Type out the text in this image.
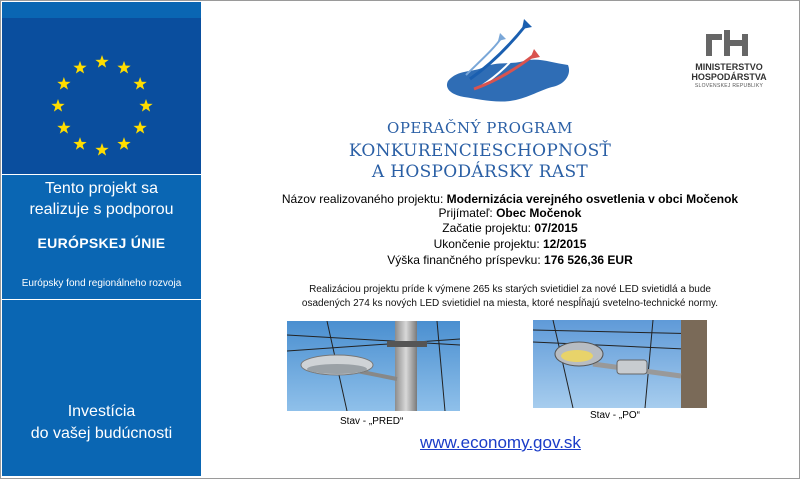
Tento projekt sa
realizuje s podporou
EURÓPSKEJ ÚNIE
Európsky fond regionálneho rozvoja
Investícia
do vašej budúcnosti
MINISTERSTVO
HOSPODÁRSTVA
SLOVENSKEJ REPUBLIKY
OPERAČNÝ PROGRAM
KONKURENCIESCHOPNOSŤ
A HOSPODÁRSKY RAST
Názov realizovaného projektu: Modernizácia verejného osvetlenia v obci Močenok
Prijímateľ: Obec Močenok
Začatie projektu: 07/2015
Ukončenie projektu: 12/2015
Výška finančného príspevku: 176 526,36 EUR
Realizáciou projektu príde k výmene 265 ks starých svietidiel za nové LED svietidlá a bude
osadených 274 ks nových LED svietidiel na miesta, ktoré nespĺňajú svetelno-technické normy.
Stav - „PRED“
Stav - „PO“
www.economy.gov.sk
